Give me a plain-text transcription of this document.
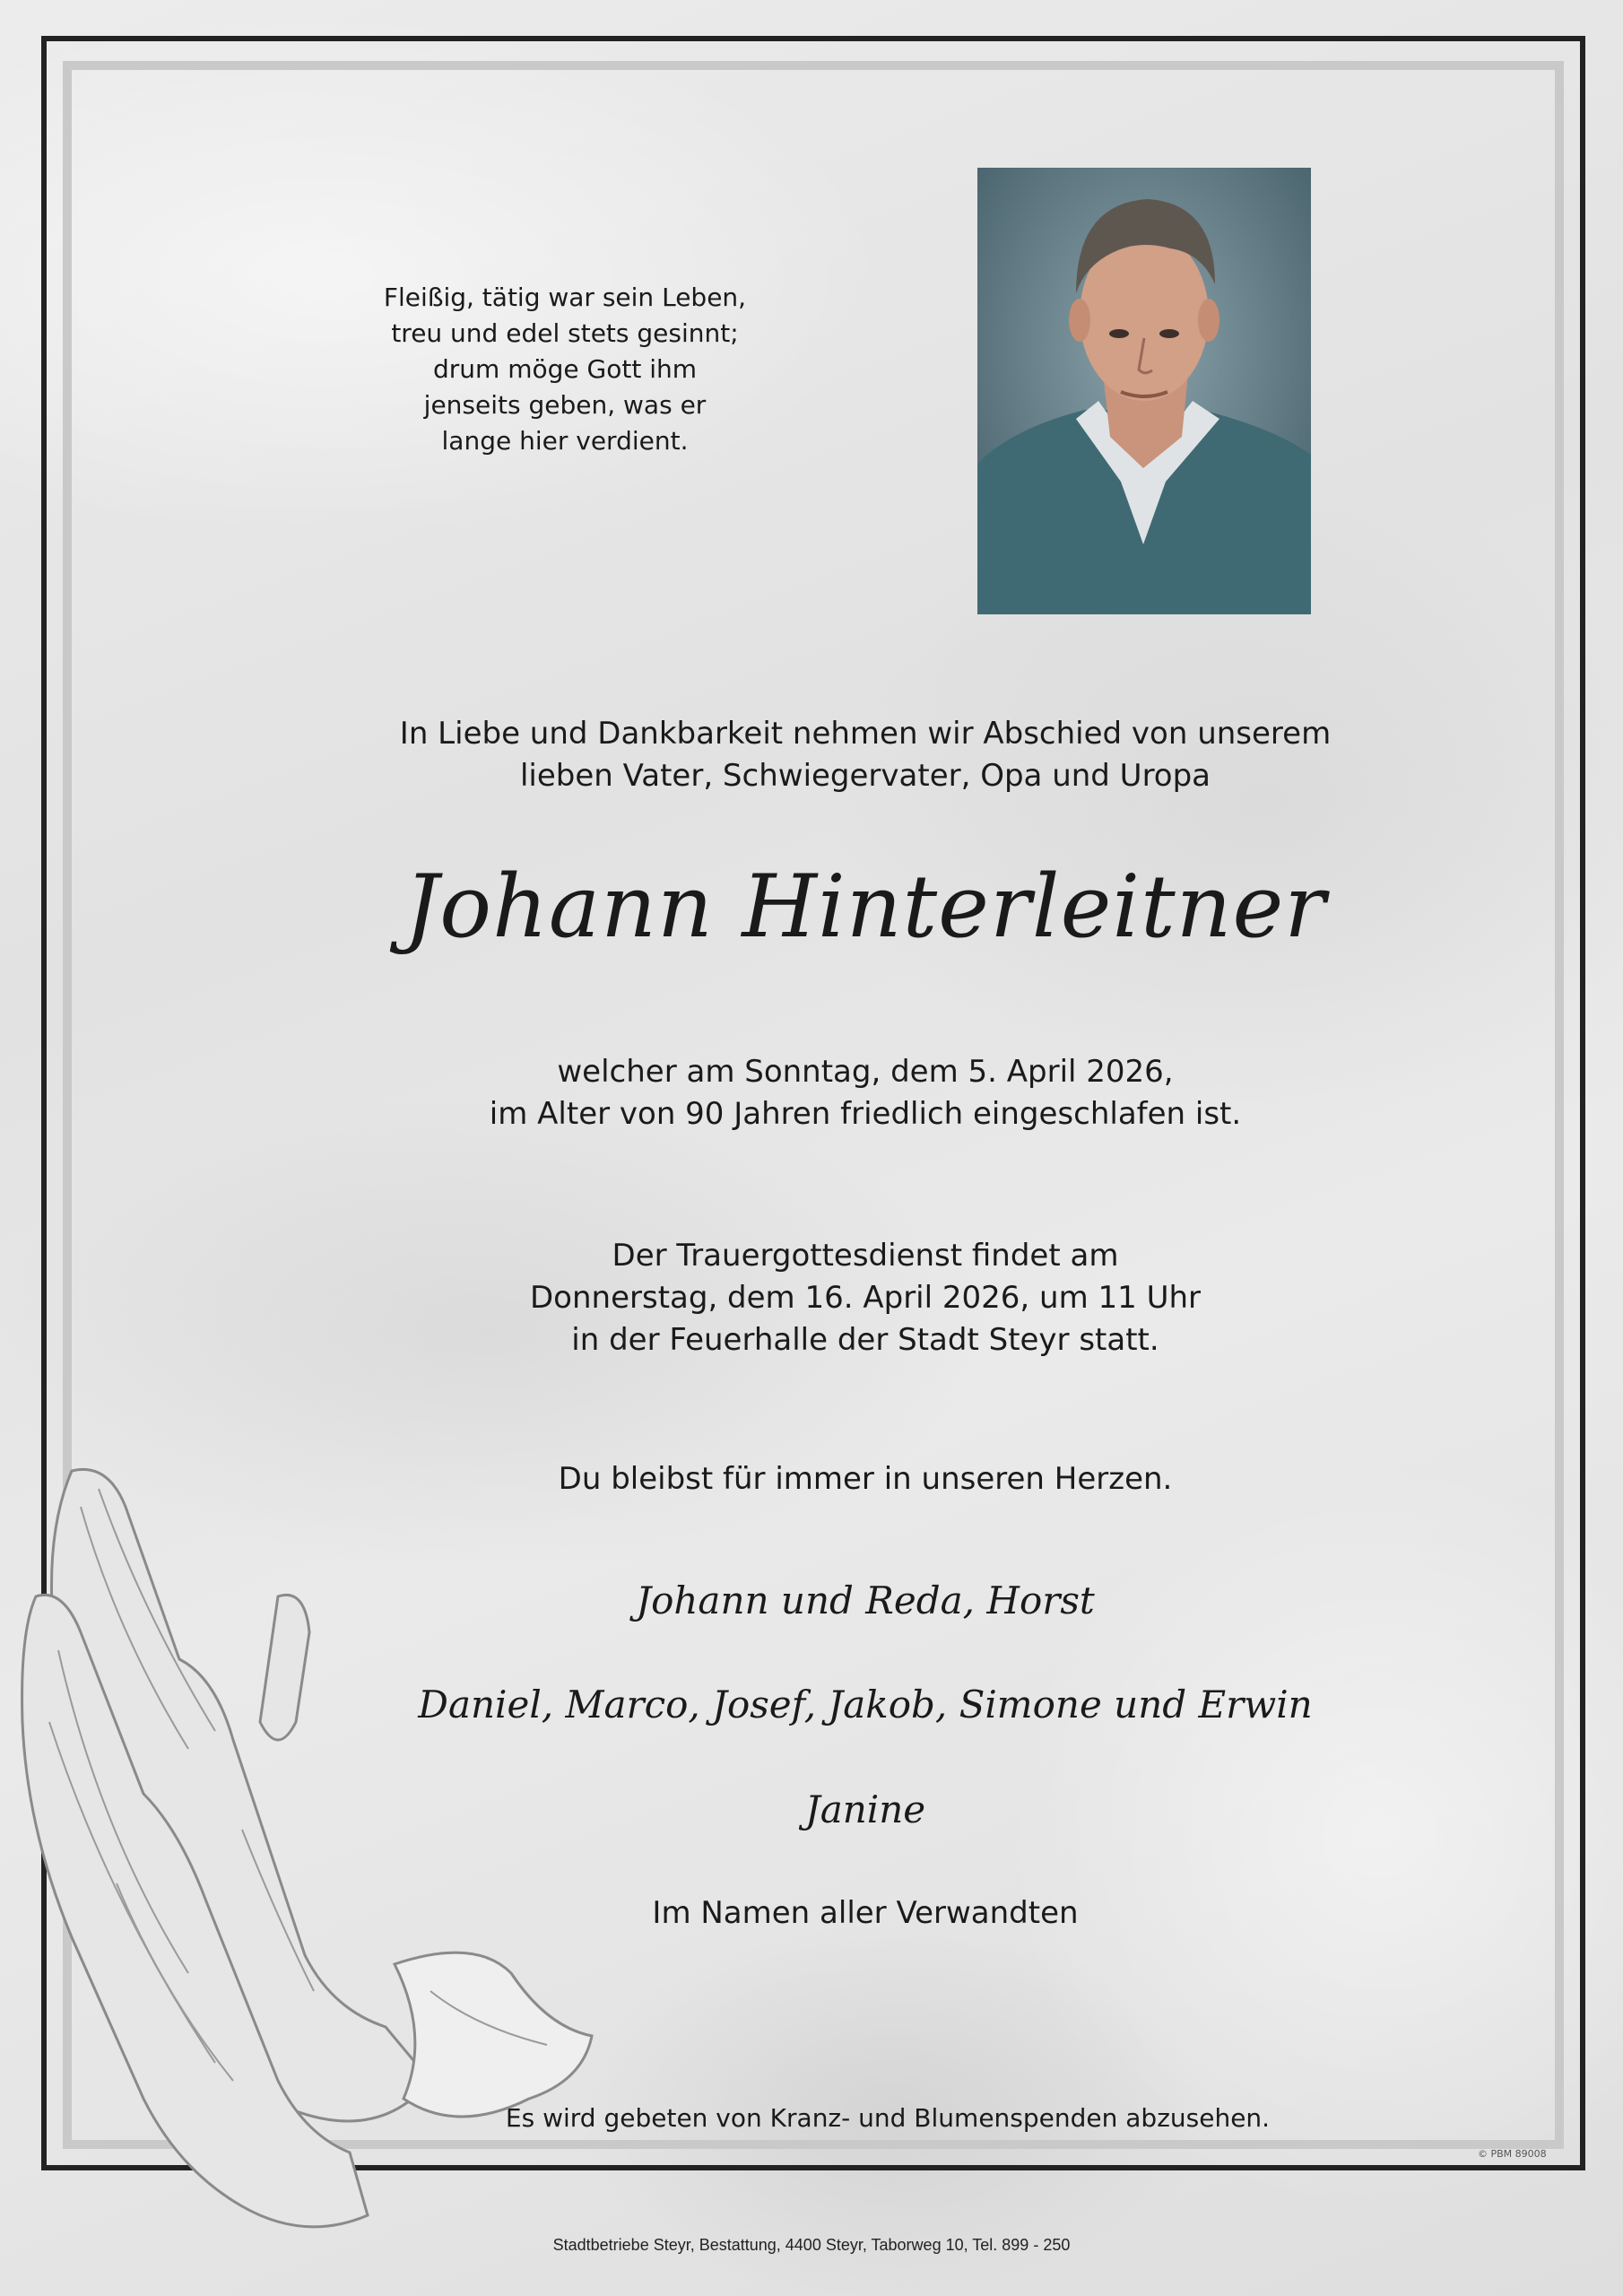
Fleißig, tätig war sein Leben,
treu und edel stets gesinnt;
drum möge Gott ihm
jenseits geben, was er
lange hier verdient.
In Liebe und Dankbarkeit nehmen wir Abschied von unserem
lieben Vater, Schwiegervater, Opa und Uropa
Johann Hinterleitner
welcher am Sonntag, dem 5. April 2026,
im Alter von 90 Jahren friedlich eingeschlafen ist.
Der Trauergottesdienst findet am
Donnerstag, dem 16. April 2026, um 11 Uhr
in der Feuerhalle der Stadt Steyr statt.
Du bleibst für immer in unseren Herzen.
Johann und Reda, Horst
Daniel, Marco, Josef, Jakob, Simone und Erwin
Janine
Im Namen aller Verwandten
Es wird gebeten von Kranz- und Blumenspenden abzusehen.
© PBM 89008
Stadtbetriebe Steyr, Bestattung, 4400 Steyr, Taborweg 10, Tel. 899 - 250
